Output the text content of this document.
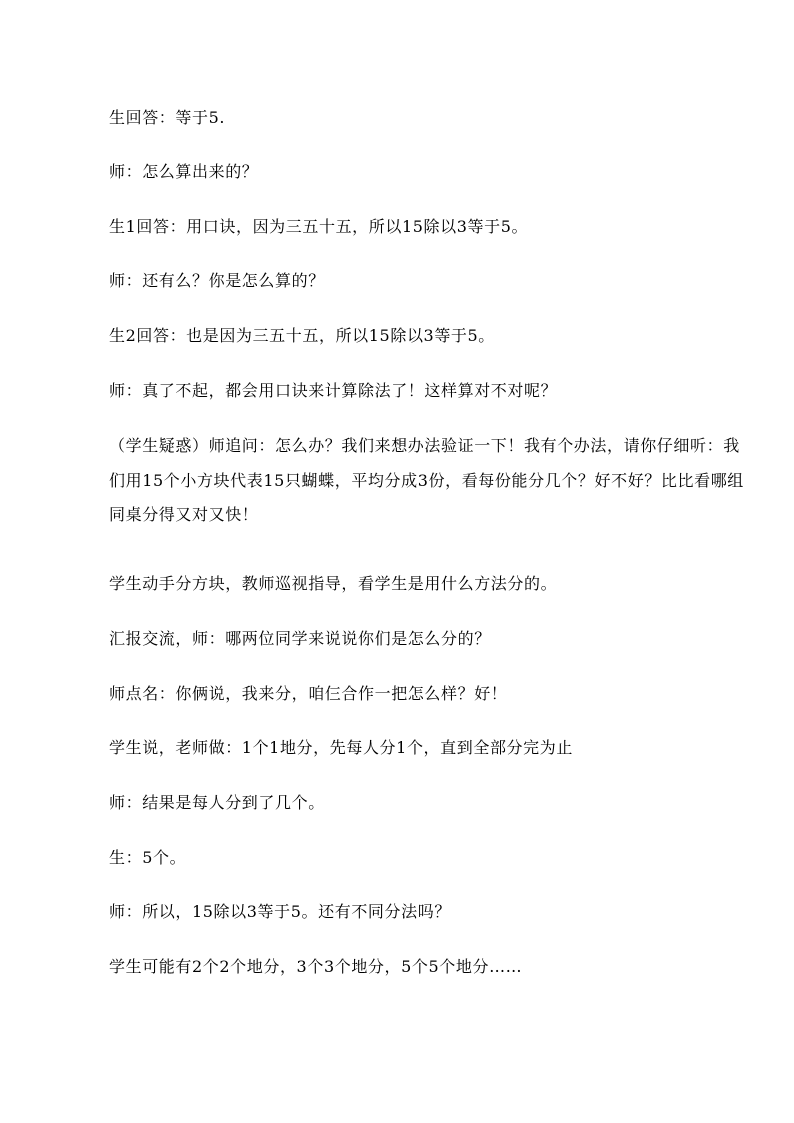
生回答：等于5.
师：怎么算出来的？
生1回答：用口诀，因为三五十五，所以15除以3等于5。
师：还有么？你是怎么算的？
生2回答：也是因为三五十五，所以15除以3等于5。
师：真了不起，都会用口诀来计算除法了！这样算对不对呢？
（学生疑惑）师追问：怎么办？我们来想办法验证一下！我有个办法，请你仔细听：我们用15个小方块代表15只蝴蝶，平均分成3份，看每份能分几个？好不好？比比看哪组同桌分得又对又快！
学生动手分方块，教师巡视指导，看学生是用什么方法分的。
汇报交流，师：哪两位同学来说说你们是怎么分的？
师点名：你俩说，我来分，咱仨合作一把怎么样？好！
学生说，老师做：1个1地分，先每人分1个，直到全部分完为止
师：结果是每人分到了几个。
生：5个。
师：所以，15除以3等于5。还有不同分法吗？
学生可能有2个2个地分，3个3个地分，5个5个地分……
